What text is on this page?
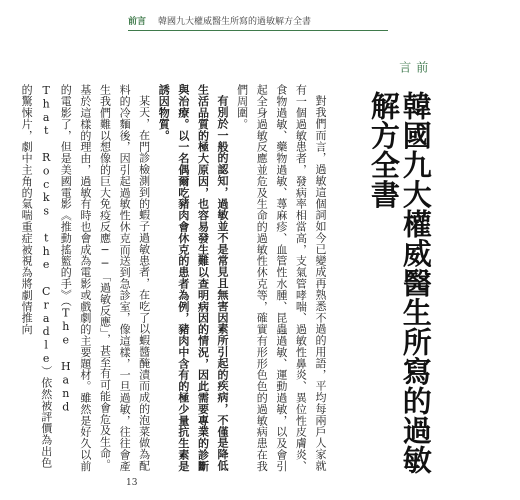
前言 韓國九大權威醫生所寫的過敏解方全書
前言
韓國九大權威醫生所寫的過敏解方全書

對我們而言，過敏這個詞如今已變成再熟悉不過的用語，平均每兩戶人家就有一個過敏患者，發病率相當高，支氣管哮喘、過敏性鼻炎、異位性皮膚炎、食物過敏、藥物過敏、蕁麻疹、血管性水腫、昆蟲過敏、運動過敏，以及會引起全身過敏反應並危及生命的過敏性休克等，確實有形形色色的過敏病患在我們周圍。

有別於一般的認知，過敏並不是常見且無害因素所引起的疾病，不僅是降低生活品質的極大原因，也容易發生難以查明病因的情況，因此需要專業的診斷與治療。以一名偶爾吃豬肉會休克的患者為例，豬肉中含有的極少量抗生素是誘因物質。

某天，在門診檢測到的蝦子過敏患者，在吃了以蝦醬醃漬而成的泡菜做為配料的冷麵後，因引起過敏性休克而送到急診室，像這樣，一旦過敏，往往會產生我們難以想像的巨大免疫反應──「過敏反應」，甚至有可能會危及生命。基於這樣的理由，過敏有時也會成為電影或戲劇的主要題材。雖然是好久以前的電影了，但是美國電影《推動搖籃的手》（The Hand That Rocks the Cradle）依然被評價為出色的驚悚片，劇中主角的氣喘重症被視為將劇情推向

13
